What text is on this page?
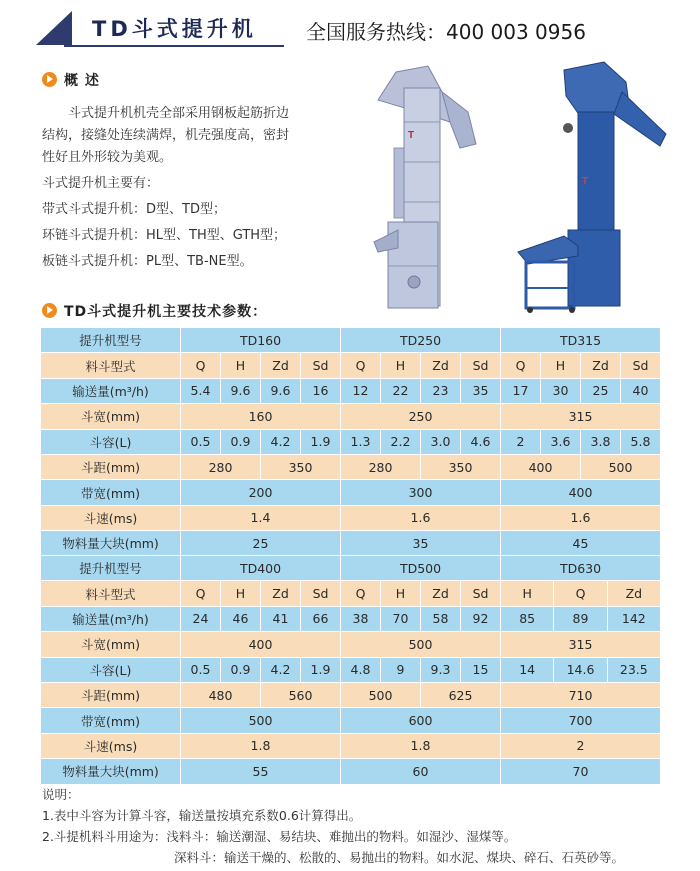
TD斗式提升机 全国服务热线：400 003 0956
概 述

斗式提升机机壳全部采用钢板起筋折边

结构，接缝处连续满焊，机壳强度高，密封

性好且外形较为美观。

斗式提升机主要有：

带式斗式提升机：D型、TD型；

环链斗式提升机：HL型、TH型、GTH型；

板链斗式提升机：PL型、TB-NE型。

T
T
TD斗式提升机主要技术参数：
提升机型号	TD160				TD250				TD315			
料斗型式	Q	H	Zd	Sd	Q	H	Zd	Sd	Q	H	Zd	Sd
输送量(m³/h)	5.4	9.6	9.6	16	12	22	23	35	17	30	25	40
斗宽(mm)	160				250				315			
斗容(L)	0.5	0.9	4.2	1.9	1.3	2.2	3.0	4.6	2	3.6	3.8	5.8
斗距(mm)	280		350		280		350		400		500	
带宽(mm)	200				300				400			
斗速(ms)	1.4				1.6				1.6			
物料量大块(mm)	25				35				45			
提升机型号	TD400				TD500				TD630		
料斗型式	Q	H	Zd	Sd	Q	H	Zd	Sd	H	Q	Zd
输送量(m³/h)	24	46	41	66	38	70	58	92	85	89	142
斗宽(mm)	400				500				315		
斗容(L)	0.5	0.9	4.2	1.9	4.8	9	9.3	15	14	14.6	23.5
斗距(mm)	480		560		500		625		710		
带宽(mm)	500				600				700		
斗速(ms)	1.8				1.8				2		
物料量大块(mm)	55				60				70		
说明：
1.表中斗容为计算斗容，输送量按填充系数0.6计算得出。
2.斗提机料斗用途为：浅料斗：输送潮湿、易结块、难抛出的物料。如湿沙、湿煤等。
深料斗：输送干燥的、松散的、易抛出的物料。如水泥、煤块、碎石、石英砂等。
